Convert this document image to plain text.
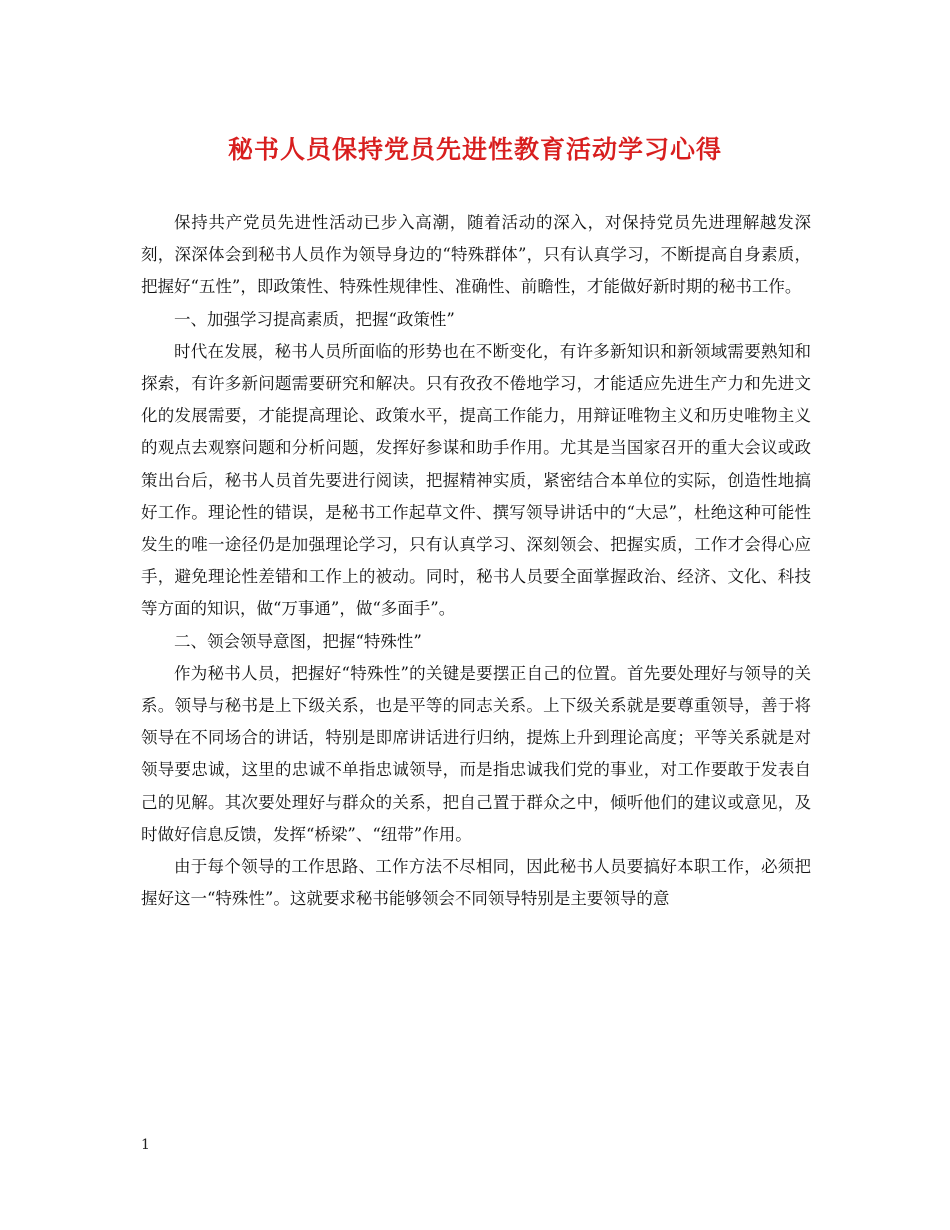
秘书人员保持党员先进性教育活动学习心得

保持共产党员先进性活动已步入高潮，随着活动的深入，对保持党员先进理解越发深刻，深深体会到秘书人员作为领导身边的“特殊群体”，只有认真学习，不断提高自身素质，把握好“五性”，即政策性、特殊性规律性、准确性、前瞻性，才能做好新时期的秘书工作。

一、加强学习提高素质，把握“政策性”

时代在发展，秘书人员所面临的形势也在不断变化，有许多新知识和新领域需要熟知和探索，有许多新问题需要研究和解决。只有孜孜不倦地学习，才能适应先进生产力和先进文化的发展需要，才能提高理论、政策水平，提高工作能力，用辩证唯物主义和历史唯物主义的观点去观察问题和分析问题，发挥好参谋和助手作用。尤其是当国家召开的重大会议或政策出台后，秘书人员首先要进行阅读，把握精神实质，紧密结合本单位的实际，创造性地搞好工作。理论性的错误，是秘书工作起草文件、撰写领导讲话中的“大忌”，杜绝这种可能性发生的唯一途径仍是加强理论学习，只有认真学习、深刻领会、把握实质，工作才会得心应手，避免理论性差错和工作上的被动。同时，秘书人员要全面掌握政治、经济、文化、科技等方面的知识，做“万事通”，做“多面手”。

二、领会领导意图，把握“特殊性”

作为秘书人员，把握好“特殊性”的关键是要摆正自己的位置。首先要处理好与领导的关系。领导与秘书是上下级关系，也是平等的同志关系。上下级关系就是要尊重领导，善于将领导在不同场合的讲话，特别是即席讲话进行归纳，提炼上升到理论高度；平等关系就是对领导要忠诚，这里的忠诚不单指忠诚领导，而是指忠诚我们党的事业，对工作要敢于发表自己的见解。其次要处理好与群众的关系，把自己置于群众之中，倾听他们的建议或意见，及时做好信息反馈，发挥“桥梁”、“纽带”作用。

由于每个领导的工作思路、工作方法不尽相同，因此秘书人员要搞好本职工作，必须把握好这一“特殊性”。这就要求秘书能够领会不同领导特别是主要领导的意

1
